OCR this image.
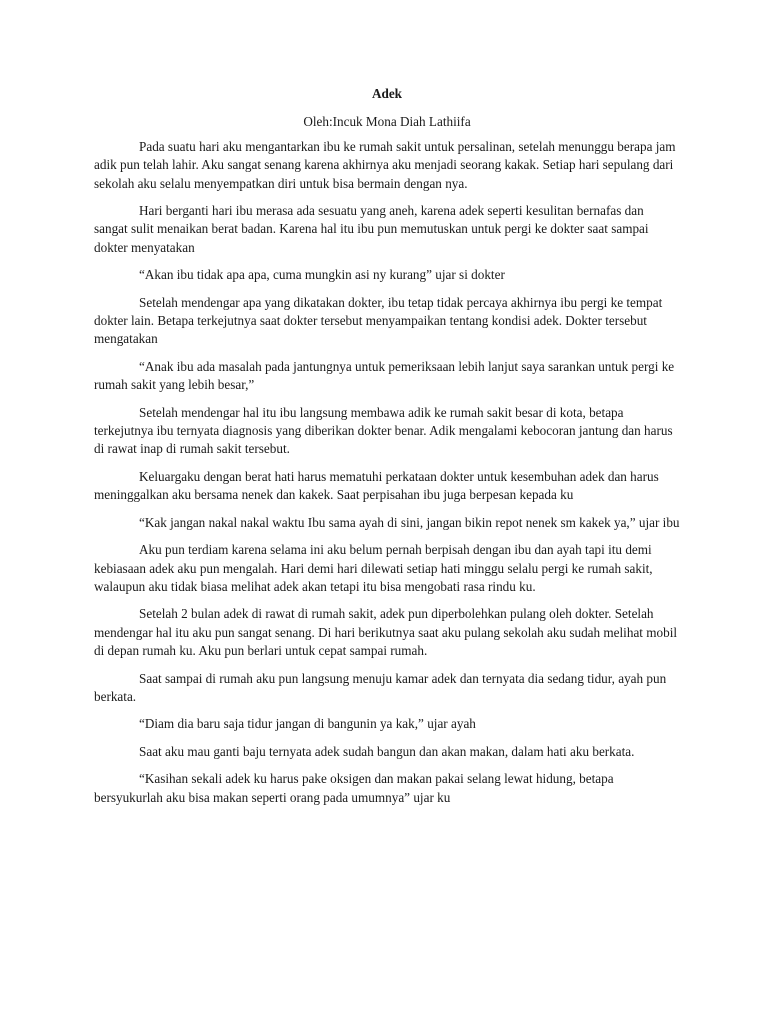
Adek
Oleh:Incuk Mona Diah Lathiifa

Pada suatu hari aku mengantarkan ibu ke rumah sakit untuk persalinan, setelah menunggu berapa jam adik pun telah lahir. Aku sangat senang karena akhirnya aku menjadi seorang kakak. Setiap hari sepulang dari sekolah aku selalu menyempatkan diri untuk bisa bermain dengan nya.

Hari berganti hari ibu merasa ada sesuatu yang aneh, karena adek seperti kesulitan bernafas dan sangat sulit menaikan berat badan. Karena hal itu ibu pun memutuskan untuk pergi ke dokter saat sampai dokter menyatakan

“Akan ibu tidak apa apa, cuma mungkin asi ny kurang” ujar si dokter

Setelah mendengar apa yang dikatakan dokter, ibu tetap tidak percaya akhirnya ibu pergi ke tempat dokter lain. Betapa terkejutnya saat dokter tersebut menyampaikan tentang kondisi adek. Dokter tersebut mengatakan

“Anak ibu ada masalah pada jantungnya untuk pemeriksaan lebih lanjut saya sarankan untuk pergi ke rumah sakit yang lebih besar,”

Setelah mendengar hal itu ibu langsung membawa adik ke rumah sakit besar di kota, betapa terkejutnya ibu ternyata diagnosis yang diberikan dokter benar. Adik mengalami kebocoran jantung dan harus di rawat inap di rumah sakit tersebut.

Keluargaku dengan berat hati harus mematuhi perkataan dokter untuk kesembuhan adek dan harus meninggalkan aku bersama nenek dan kakek. Saat perpisahan ibu juga berpesan kepada ku

“Kak jangan nakal nakal waktu Ibu sama ayah di sini, jangan bikin repot nenek sm kakek ya,” ujar ibu

Aku pun terdiam karena selama ini aku belum pernah berpisah dengan ibu dan ayah tapi itu demi kebiasaan adek aku pun mengalah. Hari demi hari dilewati setiap hati minggu selalu pergi ke rumah sakit, walaupun aku tidak biasa melihat adek akan tetapi itu bisa mengobati rasa rindu ku.

Setelah 2 bulan adek di rawat di rumah sakit, adek pun diperbolehkan pulang oleh dokter. Setelah mendengar hal itu aku pun sangat senang. Di hari berikutnya saat aku pulang sekolah aku sudah melihat mobil di depan rumah ku. Aku pun berlari untuk cepat sampai rumah.

Saat sampai di rumah aku pun langsung menuju kamar adek dan ternyata dia sedang tidur, ayah pun berkata.

“Diam dia baru saja tidur jangan di bangunin ya kak,” ujar ayah

Saat aku mau ganti baju ternyata adek sudah bangun dan akan makan, dalam hati aku berkata.

“Kasihan sekali adek ku harus pake oksigen dan makan pakai selang lewat hidung, betapa bersyukurlah aku bisa makan seperti orang pada umumnya” ujar ku
